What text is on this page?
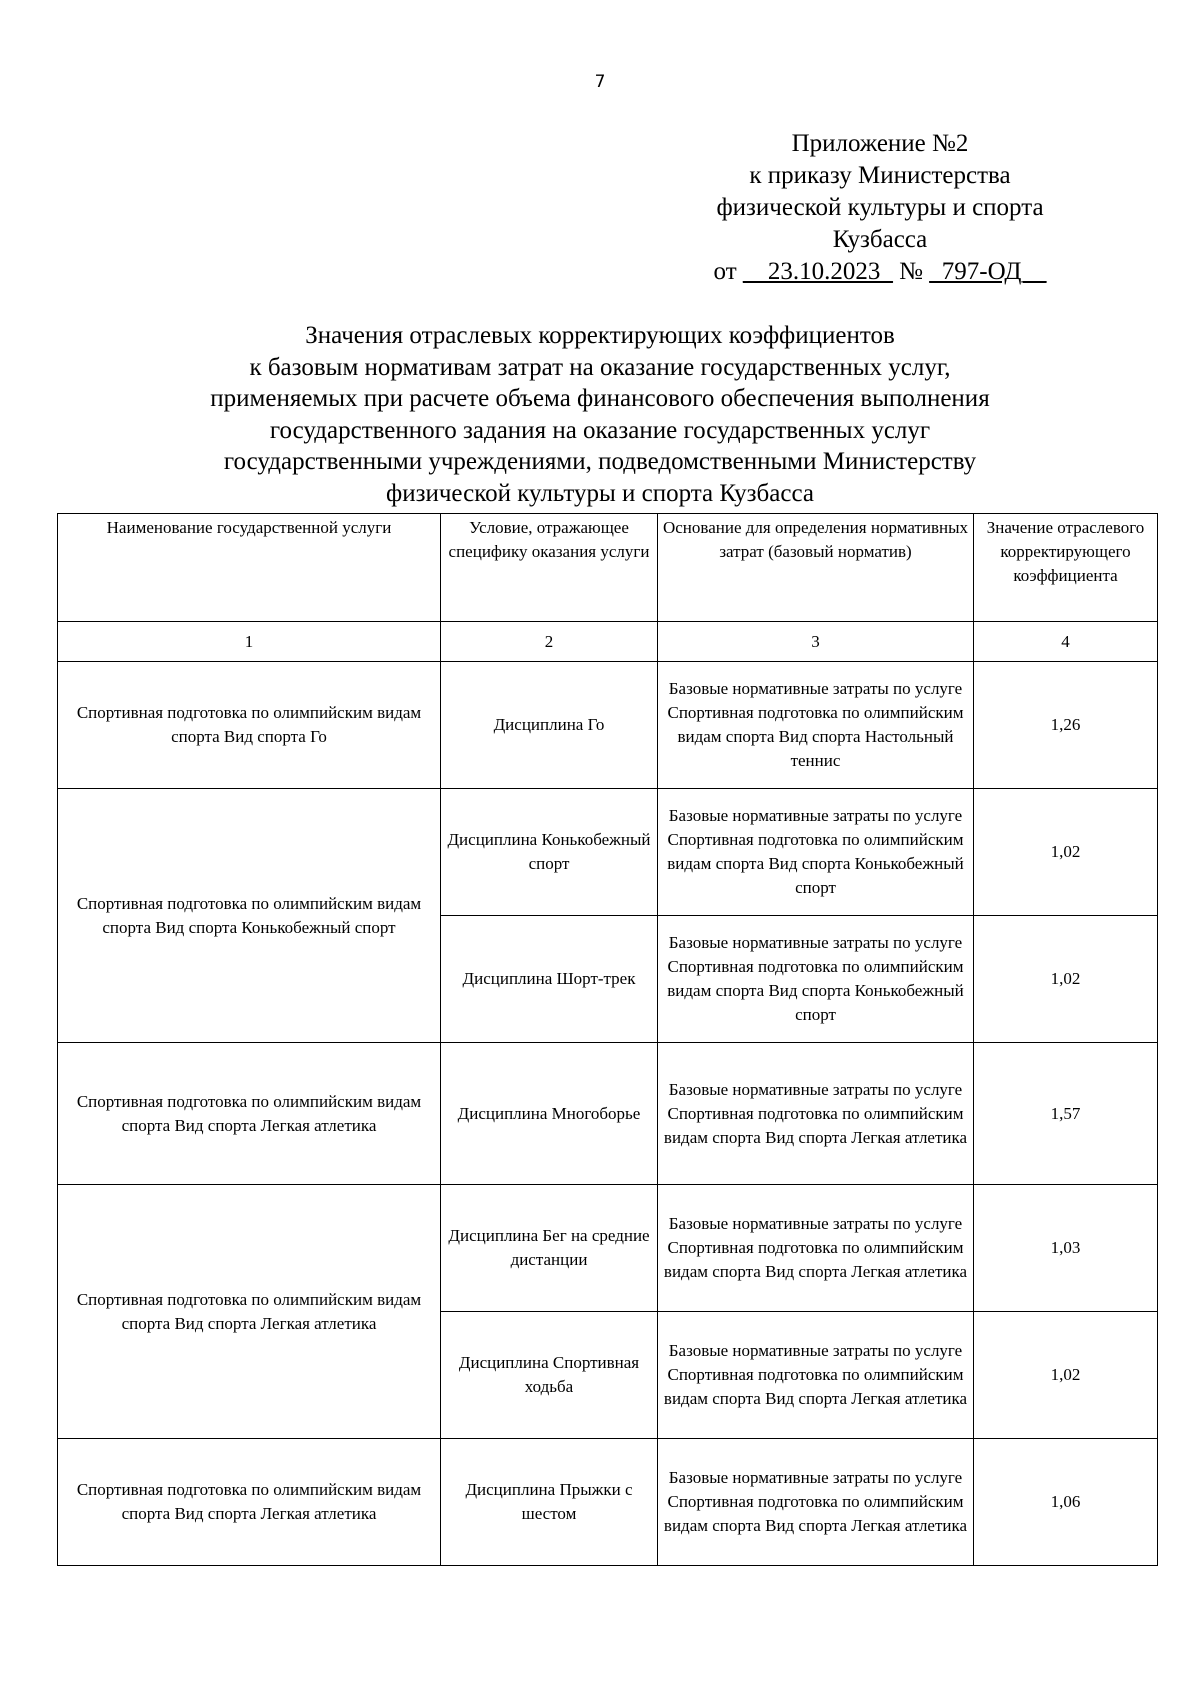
7
Приложение №2
к приказу Министерства
физической культуры и спорта
Кузбасса
от __23.10.2023_ № _797-ОД__
Значения отраслевых корректирующих коэффициентов
к базовым нормативам затрат на оказание государственных услуг,
применяемых при расчете объема финансового обеспечения выполнения
государственного задания на оказание государственных услуг
государственными учреждениями, подведомственными Министерству
физической культуры и спорта Кузбасса
Наименование государственной услуги	Условие, отражающее специфику оказания услуги	Основание для определения нормативных затрат (базовый норматив)	Значение отраслевого корректирующего коэффициента
1	2	3	4
Спортивная подготовка по олимпийским видам спорта Вид спорта Го	Дисциплина Го	Базовые нормативные затраты по услуге Спортивная подготовка по олимпийским видам спорта Вид спорта Настольный теннис	1,26
Спортивная подготовка по олимпийским видам спорта Вид спорта Конькобежный спорт	Дисциплина Конькобежный спорт	Базовые нормативные затраты по услуге Спортивная подготовка по олимпийским видам спорта Вид спорта Конькобежный спорт	1,02
	Дисциплина Шорт-трек	Базовые нормативные затраты по услуге Спортивная подготовка по олимпийским видам спорта Вид спорта Конькобежный спорт	1,02
Спортивная подготовка по олимпийским видам спорта Вид спорта Легкая атлетика	Дисциплина Многоборье	Базовые нормативные затраты по услуге Спортивная подготовка по олимпийским видам спорта Вид спорта Легкая атлетика	1,57
Спортивная подготовка по олимпийским видам спорта Вид спорта Легкая атлетика	Дисциплина Бег на средние дистанции	Базовые нормативные затраты по услуге Спортивная подготовка по олимпийским видам спорта Вид спорта Легкая атлетика	1,03
	Дисциплина Спортивная ходьба	Базовые нормативные затраты по услуге Спортивная подготовка по олимпийским видам спорта Вид спорта Легкая атлетика	1,02
Спортивная подготовка по олимпийским видам спорта Вид спорта Легкая атлетика	Дисциплина Прыжки с шестом	Базовые нормативные затраты по услуге Спортивная подготовка по олимпийским видам спорта Вид спорта Легкая атлетика	1,06
